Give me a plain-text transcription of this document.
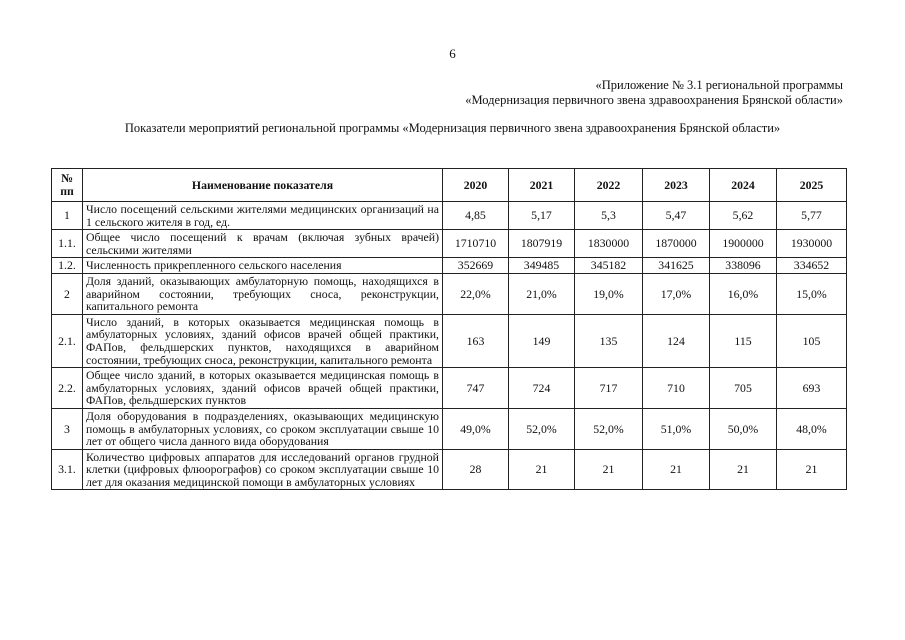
6
«Приложение № 3.1 региональной программы
«Модернизация первичного звена здравоохранения Брянской области»
Показатели мероприятий региональной программы «Модернизация первичного звена здравоохранения Брянской области»
№
пп	Наименование показателя	2020	2021	2022	2023	2024	2025
1	Число посещений сельскими жителями медицинских организаций на 1 сельского жителя в год, ед.	4,85	5,17	5,3	5,47	5,62	5,77
1.1.	Общее число посещений к врачам (включая зубных врачей) сельскими жителями	1710710	1807919	1830000	1870000	1900000	1930000
1.2.	Численность прикрепленного сельского населения	352669	349485	345182	341625	338096	334652
2	Доля зданий, оказывающих амбулаторную помощь, находящихся в аварийном состоянии, требующих сноса, реконструкции, капитального ремонта	22,0%	21,0%	19,0%	17,0%	16,0%	15,0%
2.1.	Число зданий, в которых оказывается медицинская помощь в амбулаторных условиях, зданий офисов врачей общей практики, ФАПов, фельдшерских пунктов, находящихся в аварийном состоянии, требующих сноса, реконструкции, капитального ремонта	163	149	135	124	115	105
2.2.	Общее число зданий, в которых оказывается медицинская помощь в амбулаторных условиях, зданий офисов врачей общей практики, ФАПов, фельдшерских пунктов	747	724	717	710	705	693
3	Доля оборудования в подразделениях, оказывающих медицинскую помощь в амбулаторных условиях, со сроком эксплуатации свыше 10 лет от общего числа данного вида оборудования	49,0%	52,0%	52,0%	51,0%	50,0%	48,0%
3.1.	Количество цифровых аппаратов для исследований органов грудной клетки (цифровых флюорографов) со сроком эксплуатации свыше 10 лет для оказания медицинской помощи в амбулаторных условиях	28	21	21	21	21	21
